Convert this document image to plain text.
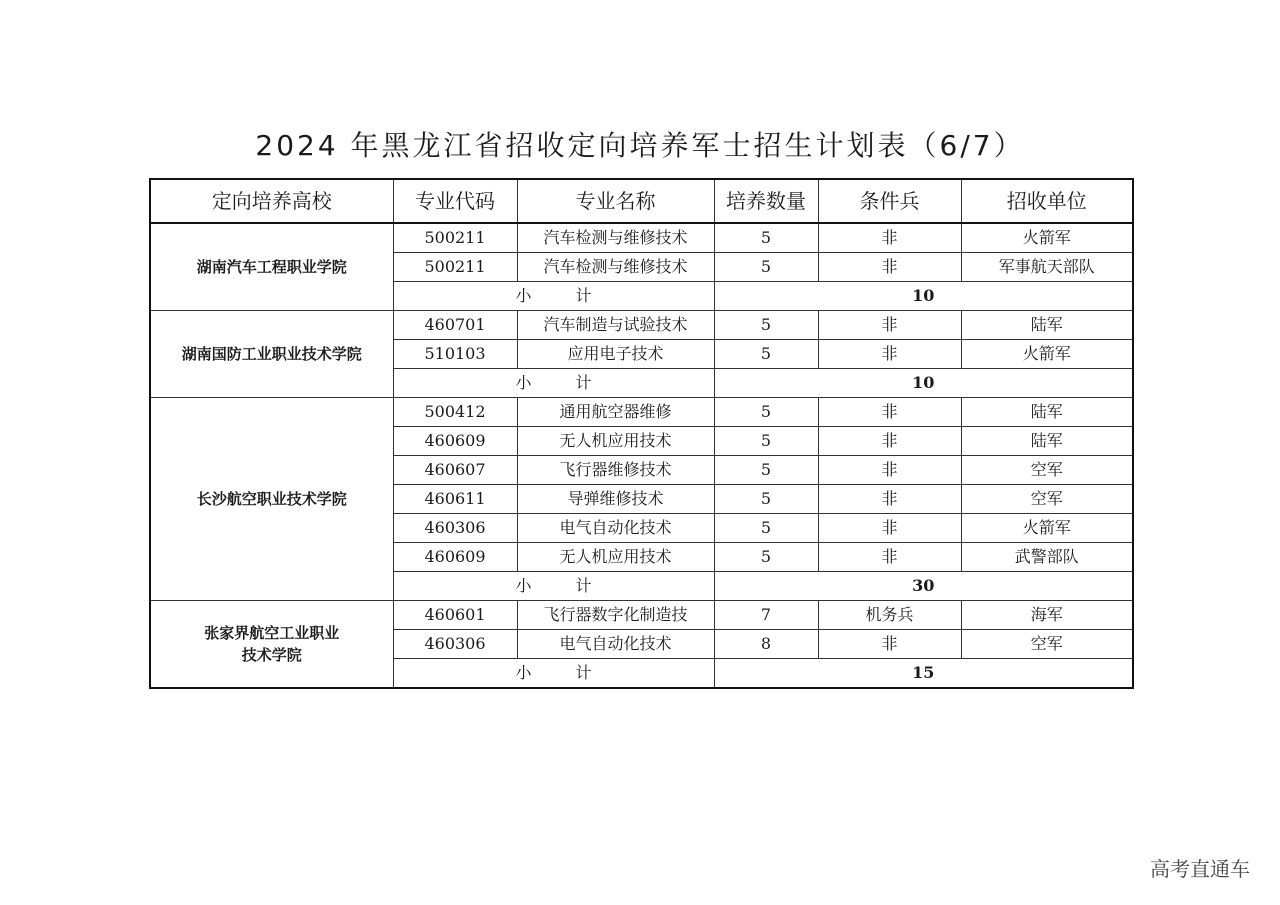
2024 年黑龙江省招收定向培养军士招生计划表（6/7）
定向培养高校	专业代码	专业名称	培养数量	条件兵	招收单位
湖南汽车工程职业学院	500211	汽车检测与维修技术	5	非	火箭军
	500211	汽车检测与维修技术	5	非	军事航天部队
	小 计		10		
湖南国防工业职业技术学院	460701	汽车制造与试验技术	5	非	陆军
	510103	应用电子技术	5	非	火箭军
	小 计		10		
长沙航空职业技术学院	500412	通用航空器维修	5	非	陆军
	460609	无人机应用技术	5	非	陆军
	460607	飞行器维修技术	5	非	空军
	460611	导弹维修技术	5	非	空军
	460306	电气自动化技术	5	非	火箭军
	460609	无人机应用技术	5	非	武警部队
	小 计		30		

张家界航空工业职业
技术学院	460601	飞行器数字化制造技	7	机务兵	海军
	460306	电气自动化技术	8	非	空军
	小 计		15		
高考直通车
